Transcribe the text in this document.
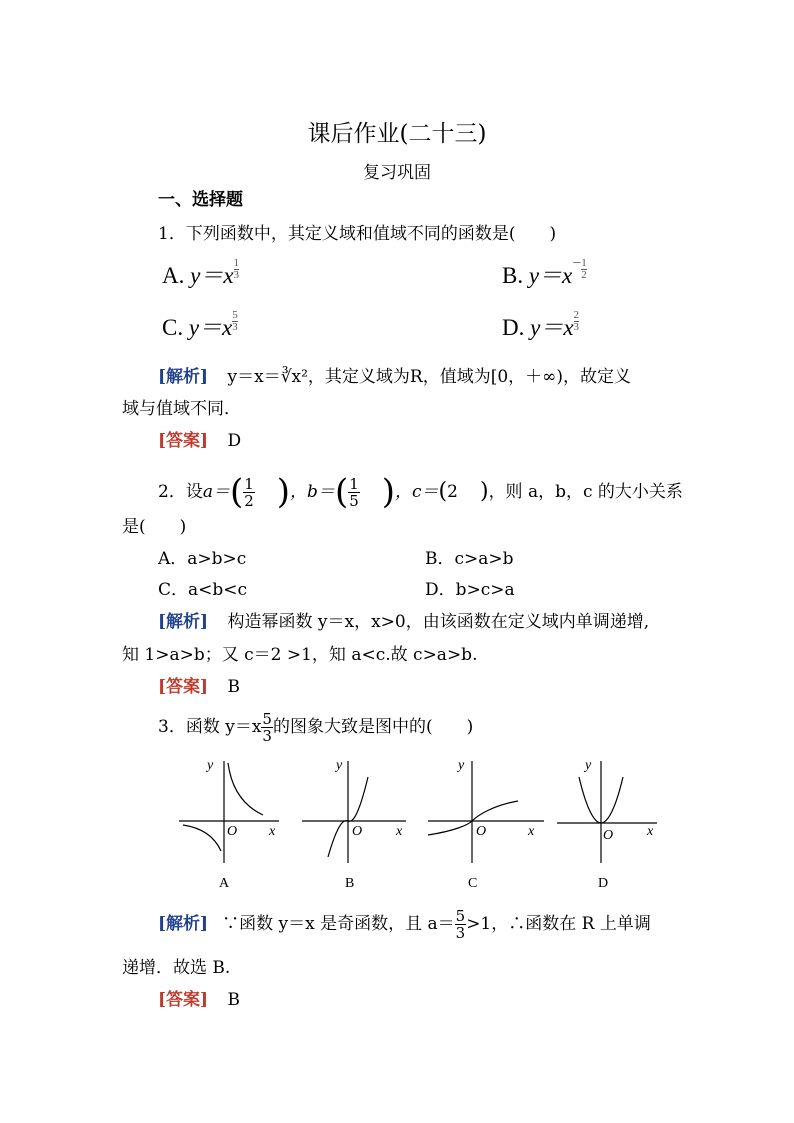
课后作业(二十三)
复习巩固
一、选择题
1．下列函数中，其定义域和值域不同的函数是(　　)
A. $y=x \frac{1}{3}$	B. $y=x- \frac{1}{2}$
C. $y=x \frac{5}{3}$	D. $y=x \frac{2}{3}$
[解析] y＝x＝∛x²，其定义域为R，值域为[0，＋∞)，故定义
域与值域不同．
[答案] D
2．设 a＝ ( $\frac{1}{2}$ ) ，b＝ ( $\frac{1}{5}$ ) ，c＝ ( 2 ) ，则 a，b，c 的大小关系
是(　　)
A．a>b>c	B．c>a>b
C．a<b<c	D．b>c>a
[解析] 构造幂函数 y＝x，x>0，由该函数在定义域内单调递增,
知 1>a>b；又 c＝2 >1，知 a<c.故 c>a>b.
[答案] B
3．函数 $y=x \frac{5}{3}$ 的图象大致是图中的(　　)
y
x
O
A
y
x
O
B
y
x
O
C
y
x
O
D
[解析] ∵函数 y＝x 是奇函数，且 $a= \frac{5}{3} >1$，∴函数在 R 上单调
递增．故选 B.
[答案] B
